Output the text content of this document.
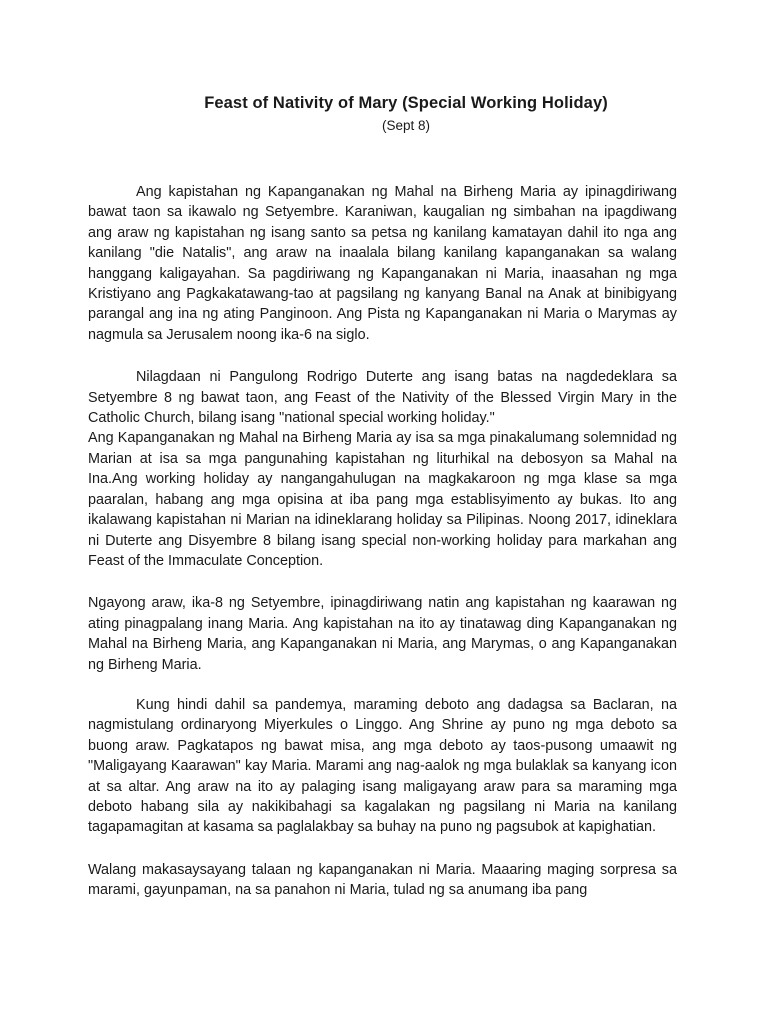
Feast of Nativity of Mary (Special Working Holiday)
(Sept 8)

Ang kapistahan ng Kapanganakan ng Mahal na Birheng Maria ay ipinagdiriwang bawat taon sa ikawalo ng Setyembre. Karaniwan, kaugalian ng simbahan na ipagdiwang ang araw ng kapistahan ng isang santo sa petsa ng kanilang kamatayan dahil ito nga ang kanilang "die Natalis", ang araw na inaalala bilang kanilang kapanganakan sa walang hanggang kaligayahan. Sa pagdiriwang ng Kapanganakan ni Maria, inaasahan ng mga Kristiyano ang Pagkakatawang-tao at pagsilang ng kanyang Banal na Anak at binibigyang parangal ang ina ng ating Panginoon. Ang Pista ng Kapanganakan ni Maria o Marymas ay nagmula sa Jerusalem noong ika-6 na siglo.

Nilagdaan ni Pangulong Rodrigo Duterte ang isang batas na nagdedeklara sa Setyembre 8 ng bawat taon, ang Feast of the Nativity of the Blessed Virgin Mary in the Catholic Church, bilang isang "national special working holiday."

Ang Kapanganakan ng Mahal na Birheng Maria ay isa sa mga pinakalumang solemnidad ng Marian at isa sa mga pangunahing kapistahan ng liturhikal na debosyon sa Mahal na Ina.Ang working holiday ay nangangahulugan na magkakaroon ng mga klase sa mga paaralan, habang ang mga opisina at iba pang mga establisyimento ay bukas. Ito ang ikalawang kapistahan ni Marian na idineklarang holiday sa Pilipinas. Noong 2017, idineklara ni Duterte ang Disyembre 8 bilang isang special non-working holiday para markahan ang Feast of the Immaculate Conception.

Ngayong araw, ika-8 ng Setyembre, ipinagdiriwang natin ang kapistahan ng kaarawan ng ating pinagpalang inang Maria. Ang kapistahan na ito ay tinatawag ding Kapanganakan ng Mahal na Birheng Maria, ang Kapanganakan ni Maria, ang Marymas, o ang Kapanganakan ng Birheng Maria.

Kung hindi dahil sa pandemya, maraming deboto ang dadagsa sa Baclaran, na nagmistulang ordinaryong Miyerkules o Linggo. Ang Shrine ay puno ng mga deboto sa buong araw. Pagkatapos ng bawat misa, ang mga deboto ay taos-pusong umaawit ng "Maligayang Kaarawan" kay Maria. Marami ang nag-aalok ng mga bulaklak sa kanyang icon at sa altar. Ang araw na ito ay palaging isang maligayang araw para sa maraming mga deboto habang sila ay nakikibahagi sa kagalakan ng pagsilang ni Maria na kanilang tagapamagitan at kasama sa paglalakbay sa buhay na puno ng pagsubok at kapighatian.

Walang makasaysayang talaan ng kapanganakan ni Maria. Maaaring maging sorpresa sa marami, gayunpaman, na sa panahon ni Maria, tulad ng sa anumang iba pang
